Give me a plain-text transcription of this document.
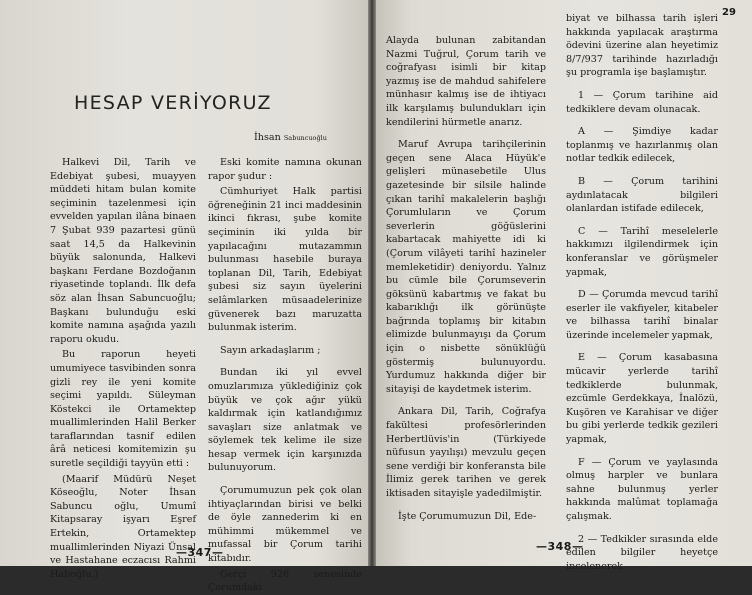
HESAP VERİYORUZ
İhsan Sabuncuoğlu

Halkevi Dil, Tarih ve Edebiyat şubesi, muayyen müddeti hitam bulan komite seçiminin tazelenmesi için evvelden yapılan ilâna binaen 7 Şubat 939 pazartesi günü saat 14,5 da Halkevinin büyük salonunda, Halkevi başkanı Ferdane Bozdoğanın riyasetinde toplandı. İlk defa söz alan İhsan Sabuncuoğlu; Başkanı bulunduğu eski komite namına aşağıda yazılı raporu okudu.

Bu raporun heyeti umumiyece tasvibinden sonra gizli rey ile yeni komite seçimi yapıldı. Süleyman Köstekci ile Ortamektep muallimlerinden Halil Berker taraflarından tasnif edilen ârâ neticesi komitemizin şu suretle seçildiği tayyün etti :

(Maarif Müdürü Neşet Köseoğlu, Noter İhsan Sabuncu oğlu, Umumî Kitapsaray işyarı Eşref Ertekin, Ortamektep muallimlerinden Niyazi Ünsal ve Hastahane eczacısı Rahmi Haboğlu.)

Eski komite namına okunan rapor şudur :

Cümhuriyet Halk partisi öğreneğinin 21 inci maddesinin ikinci fıkrası, şube komite seçiminin iki yılda bir yapılacağını mutazammın bulunması hasebile buraya toplanan Dil, Tarih, Edebiyat şubesi siz sayın üyelerini selâmlarken müsaadelerinize güvenerek bazı maruzatta bulunmak isterim.

Sayın arkadaşlarım ;

Bundan iki yıl evvel omuzlarımıza yüklediğiniz çok büyük ve çok ağır yükü kaldırmak için katlandığımız savaşları size anlatmak ve söylemek tek kelime ile size hesap vermek için karşınızda bulunuyorum.

Çorumumuzun pek çok olan ihtiyaçlarından birisi ve belki de öyle zannederim ki en mühimmi mükemmel ve mufassal bir Çorum tarihi kitabıdır.

Gerçi 926 senesinde Çorumdaki

—347—
29

Alaydа bulunan zabitandan Nazmi Tuğrul, Çorum tarih ve coğrafyası isimli bir kitap yazmış ise de mahdud sahifelere münhasır kalmış ise de ihtiyacı ilk karşılamış bulundukları için kendilerini hürmetle anarız.

Maruf Avrupa tarihçilerinin geçen sene Alaca Hüyük'e gelişleri münasebetile Ulus gazetesinde bir silsile halinde çıkan tarihî makalelerin başlığı Çorumluların ve Çorum severlerin göğüslerini kabartacak mahiyette idi ki (Çorum vilâyeti tarihî hazineler memleketidir) deniyordu. Yalnız bu cümle bile Çorumseverin göksünü kabartmış ve fakat bu kabarıklığı ilk görünüşte bağrında toplamış bir kitabın elimizde bulunmayışı da Çorum için o nisbette sönüklüğü göstermiş bulunuyordu. Yurdumuz hakkında diğer bir sitayişi de kaydetmek isterim.

Ankara Dil, Tarih, Coğrafya fakültesi profesörlerinden Herbertlüvis'in (Türkiyede nüfusun yayılışı) mevzulu geçen sene verdiği bir konferansta bile İlimiz gerek tarihen ve gerek iktisaden sitayişle yadedilmiştir.

İşte Çorumumuzun Dil, Ede-

biyat ve bilhassa tarih işleri hakkında yapılacak araştırma ödevini üzerine alan heyetimiz 8/7/937 tarihinde hazırladığı şu programla işe başlamıştır.

1 — Çorum tarihine aid tedkiklere devam olunacak.

A — Şimdiye kadar toplanmış ve hazırlanmış olan notlar tedkik edilecek,

B — Çorum tarihini aydınlatacak bilgileri olanlardan istifade edilecek,

C — Tarihî meselelerle hakkımızı ilgilendirmek için konferanslar ve görüşmeler yapmak,

D — Çorumda mevcud tarihî eserler ile vakfiyeler, kitabeler ve bilhassa tarihî binalar üzerinde incelemeler yapmak,

E — Çorum kasabasına mücavir yerlerde tarihî tedkiklerde bulunmak, ezcümle Gerdekkaya, İnalözü, Kuşören ve Karahisar ve diğer bu gibi yerlerde tedkik gezileri yapmak,

F — Çorum ve yaylasında olmuş harpler ve bunlara sahne bulunmuş yerler hakkında malûmat toplamağa çalışmak.

2 — Tedkikler sırasında elde edilen bilgiler heyetçe incelenerek

—348—
